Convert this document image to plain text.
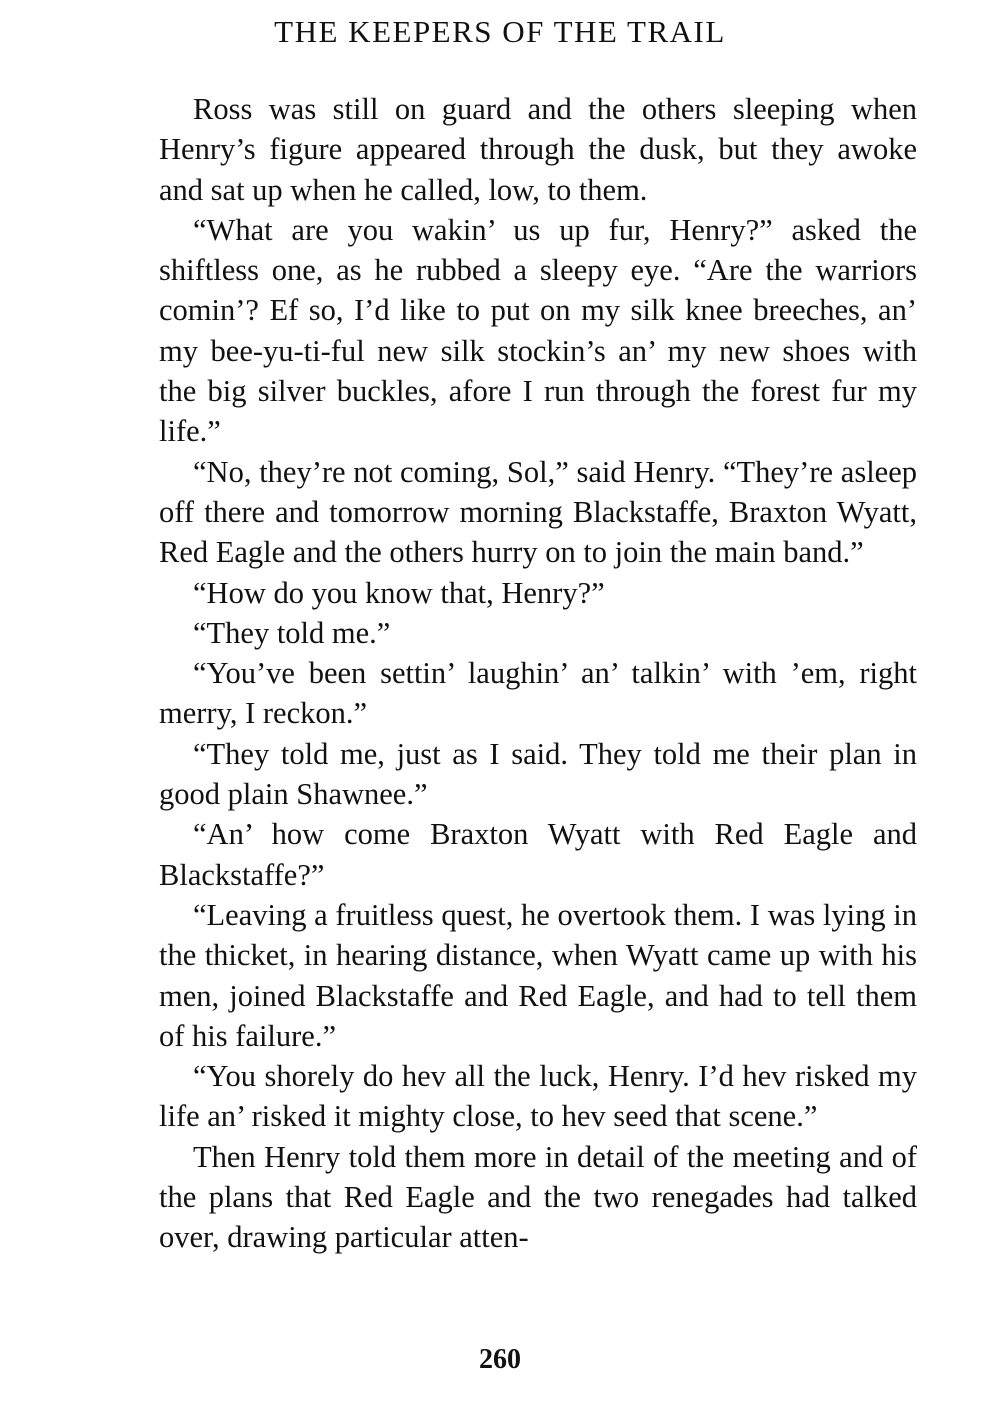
THE KEEPERS OF THE TRAIL

Ross was still on guard and the others sleeping when Henry’s figure appeared through the dusk, but they awoke and sat up when he called, low, to them.

“What are you wakin’ us up fur, Henry?” asked the shiftless one, as he rubbed a sleepy eye. “Are the warriors comin’? Ef so, I’d like to put on my silk knee breeches, an’ my bee-yu-ti-ful new silk stockin’s an’ my new shoes with the big silver buckles, afore I run through the forest fur my life.”

“No, they’re not coming, Sol,” said Henry. “They’re asleep off there and tomorrow morning Blackstaffe, Braxton Wyatt, Red Eagle and the others hurry on to join the main band.”

“How do you know that, Henry?”

“They told me.”

“You’ve been settin’ laughin’ an’ talkin’ with ’em, right merry, I reckon.”

“They told me, just as I said. They told me their plan in good plain Shawnee.”

“An’ how come Braxton Wyatt with Red Eagle and Blackstaffe?”

“Leaving a fruitless quest, he overtook them. I was lying in the thicket, in hearing distance, when Wyatt came up with his men, joined Blackstaffe and Red Eagle, and had to tell them of his failure.”

“You shorely do hev all the luck, Henry. I’d hev risked my life an’ risked it mighty close, to hev seed that scene.”

Then Henry told them more in detail of the meeting and of the plans that Red Eagle and the two renegades had talked over, drawing particular atten-

260
